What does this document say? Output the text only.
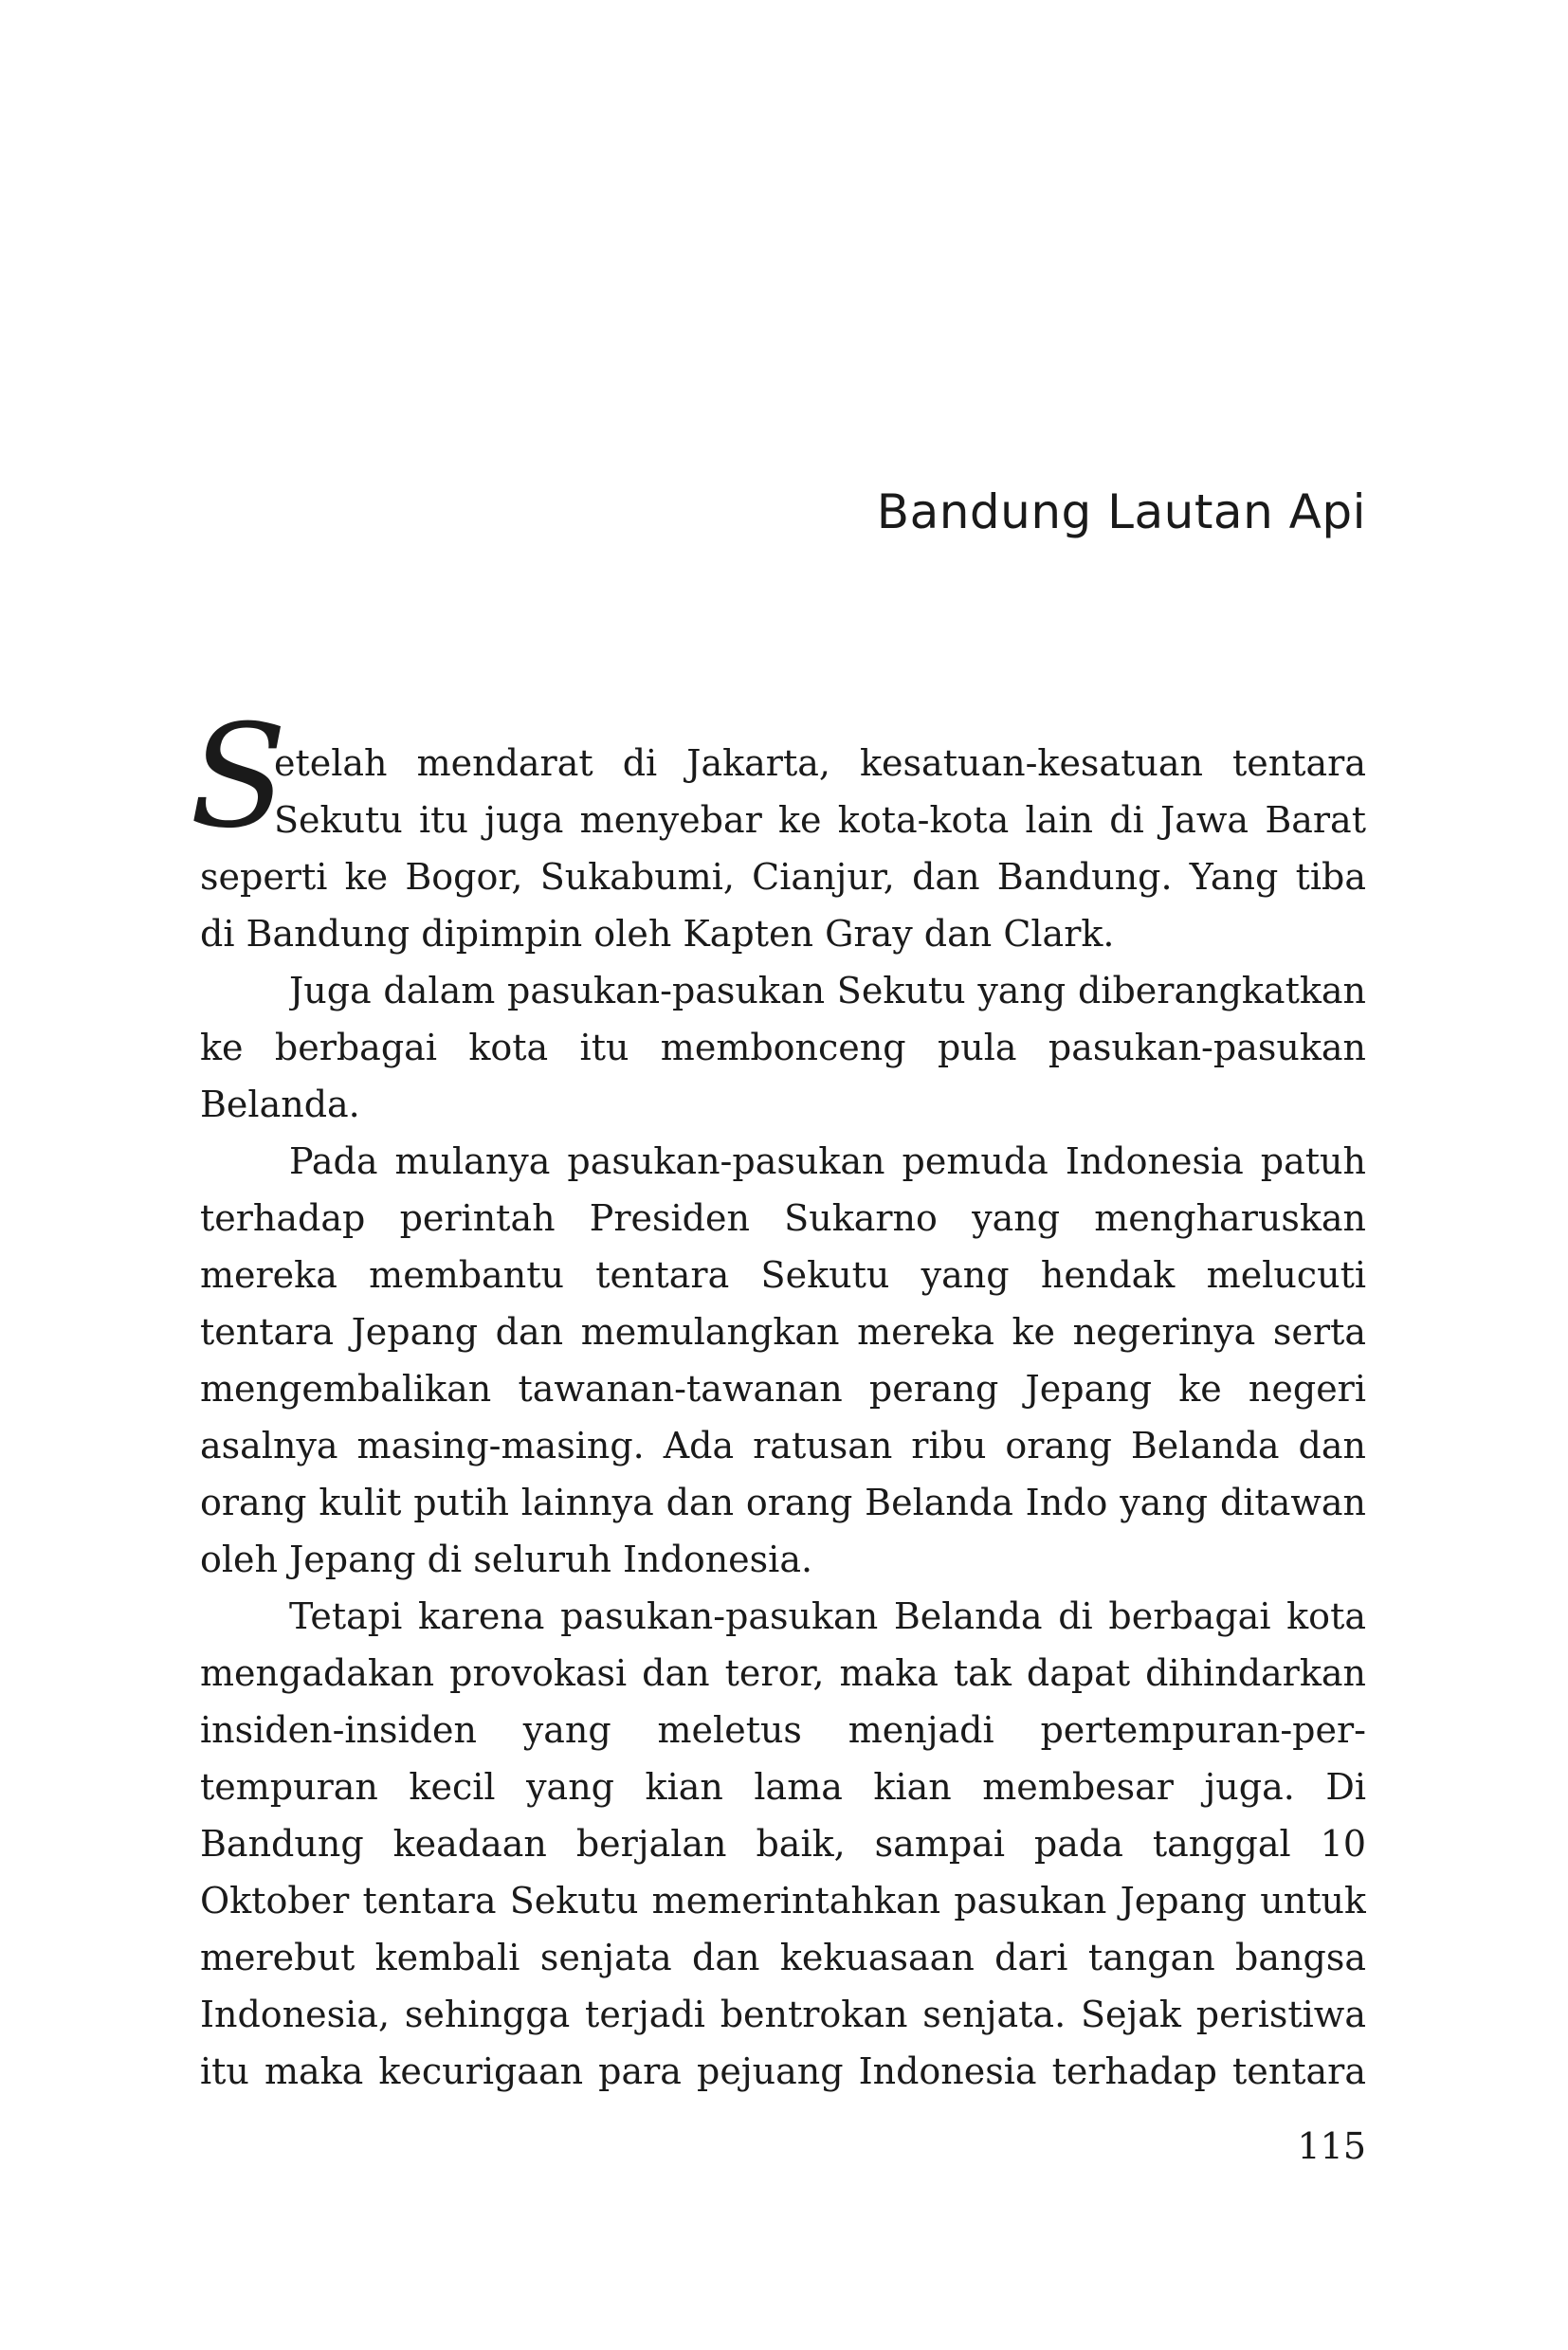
Bandung Lautan Api
S
etelah mendarat di Jakarta, kesatuan-kesatuan tentara
Sekutu itu juga menyebar ke kota-kota lain di Jawa Barat
seperti ke Bogor, Sukabumi, Cianjur, dan Bandung. Yang tiba
di Bandung dipimpin oleh Kapten Gray dan Clark.
Juga dalam pasukan-pasukan Sekutu yang diberangkatkan
ke berbagai kota itu membonceng pula pasukan-pasukan
Belanda.
Pada mulanya pasukan-pasukan pemuda Indonesia patuh
terhadap perintah Presiden Sukarno yang mengharuskan
mereka membantu tentara Sekutu yang hendak melucuti
tentara Jepang dan memulangkan mereka ke negerinya serta
mengembalikan tawanan-tawanan perang Jepang ke negeri
asalnya masing-masing. Ada ratusan ribu orang Belanda dan
orang kulit putih lainnya dan orang Belanda Indo yang ditawan
oleh Jepang di seluruh Indonesia.
Tetapi karena pasukan-pasukan Belanda di berbagai kota
mengadakan provokasi dan teror, maka tak dapat dihindarkan
insiden-insiden yang meletus menjadi pertempuran-per-
tempuran kecil yang kian lama kian membesar juga. Di
Bandung keadaan berjalan baik, sampai pada tanggal 10
Oktober tentara Sekutu memerintahkan pasukan Jepang untuk
merebut kembali senjata dan kekuasaan dari tangan bangsa
Indonesia, sehingga terjadi bentrokan senjata. Sejak peristiwa
itu maka kecurigaan para pejuang Indonesia terhadap tentara
115
